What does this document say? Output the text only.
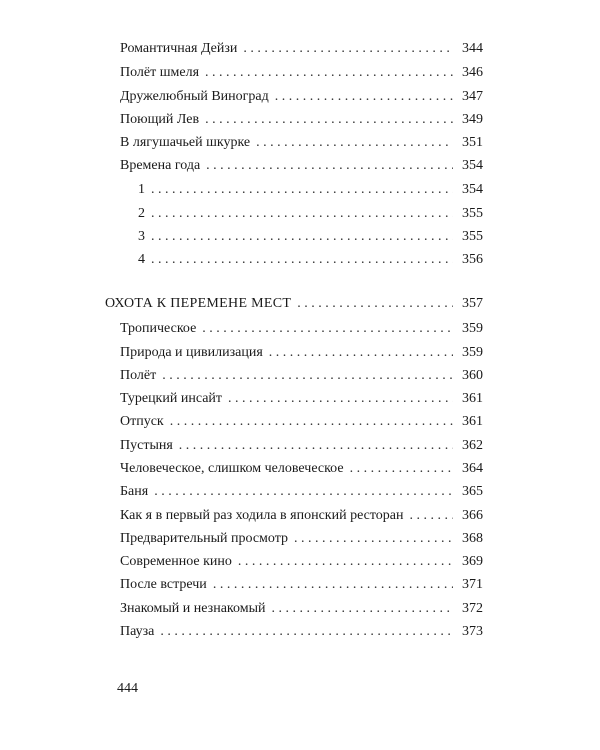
Романтичная Дейзи . . .	344
Полёт шмеля . . .	346
Дружелюбный Виноград . . .	347
Поющий Лев . . .	349
В лягушачьей шкурке . . .	351
Времена года . . .	354
1 . . .	354
2 . . .	355
3 . . .	355
4 . . .	356
ОХОТА К ПЕРЕМЕНЕ МЕСТ . . .	357
Тропическое . . .	359
Природа и цивилизация . . .	359
Полёт . . .	360
Турецкий инсайт . . .	361
Отпуск . . .	361
Пустыня . . .	362
Человеческое, слишком человеческое . . .	364
Баня . . .	365
Как я в первый раз ходила в японский ресторан . . .	366
Предварительный просмотр . . .	368
Современное кино . . .	369
После встречи . . .	371
Знакомый и незнакомый . . .	372
Пауза . . .	373
444
